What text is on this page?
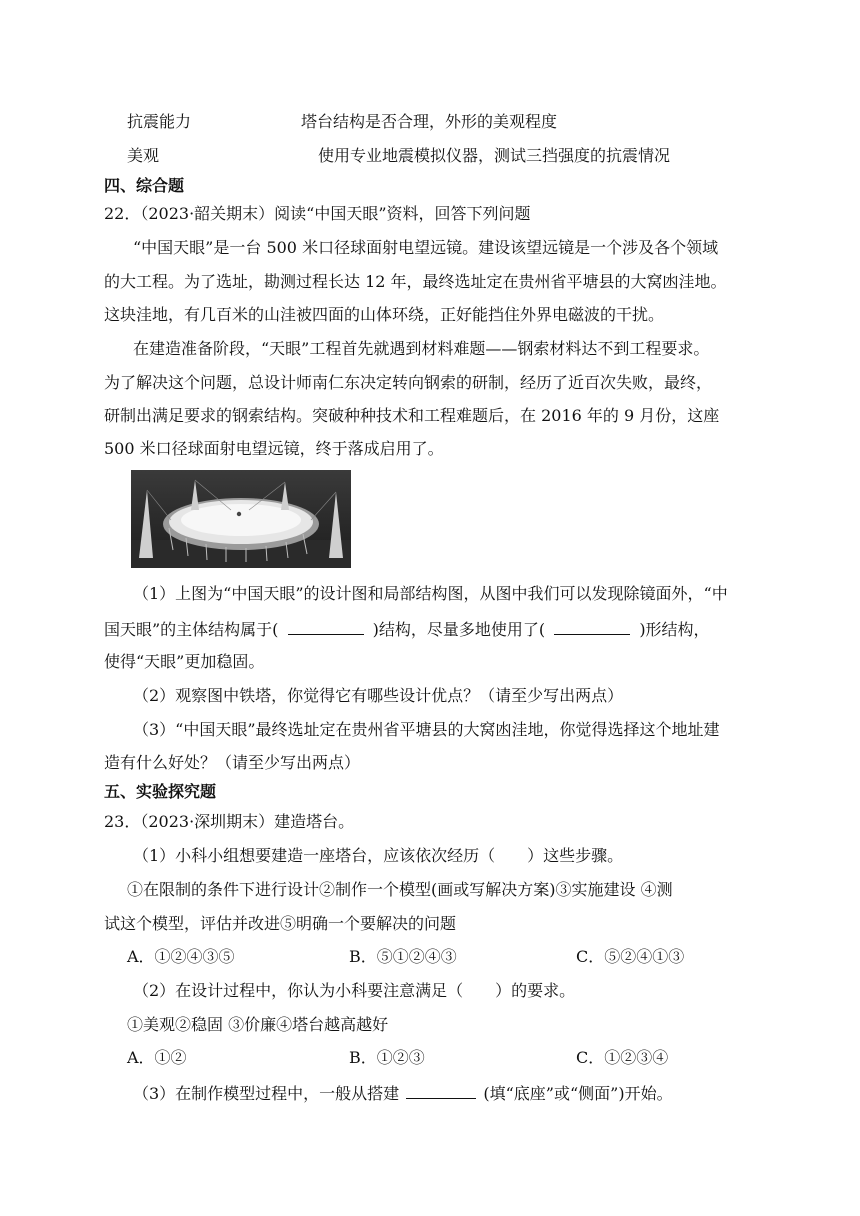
抗震能力	塔台结构是否合理，外形的美观程度
美观	使用专业地震模拟仪器，测试三挡强度的抗震情况
四、综合题
22．（2023·韶关期末）阅读“中国天眼”资料，回答下列问题
“中国天眼”是一台 500 米口径球面射电望远镜。建设该望远镜是一个涉及各个领域
的大工程。为了选址，勘测过程长达 12 年，最终选址定在贵州省平塘县的大窝凼洼地。
这块洼地，有几百米的山洼被四面的山体环绕，正好能挡住外界电磁波的干扰。
在建造准备阶段，“天眼”工程首先就遇到材料难题——钢索材料达不到工程要求。
为了解决这个问题，总设计师南仁东决定转向钢索的研制，经历了近百次失败，最终，
研制出满足要求的钢索结构。突破种种技术和工程难题后，在 2016 年的 9 月份，这座
500 米口径球面射电望远镜，终于落成启用了。
（1）上图为“中国天眼”的设计图和局部结构图，从图中我们可以发现除镜面外，“中
国天眼”的主体结构属于(	)结构，尽量多地使用了(	)形结构，
使得“天眼”更加稳固。
（2）观察图中铁塔，你觉得它有哪些设计优点？（请至少写出两点）
（3）“中国天眼”最终选址定在贵州省平塘县的大窝凼洼地，你觉得选择这个地址建
造有什么好处？（请至少写出两点）
五、实验探究题
23．（2023·深圳期末）建造塔台。
（1）小科小组想要建造一座塔台，应该依次经历（　　）这些步骤。
①在限制的条件下进行设计②制作一个模型(画或写解决方案)③实施建设 ④测
试这个模型，评估并改进⑤明确一个要解决的问题
A．①②④③⑤	B．⑤①②④③	C．⑤②④①③
（2）在设计过程中，你认为小科要注意满足（　　）的要求。
①美观②稳固 ③价廉④塔台越高越好
A．①②	B．①②③	C．①②③④
（3）在制作模型过程中，一般从搭建	(填“底座”或“侧面”)开始。
